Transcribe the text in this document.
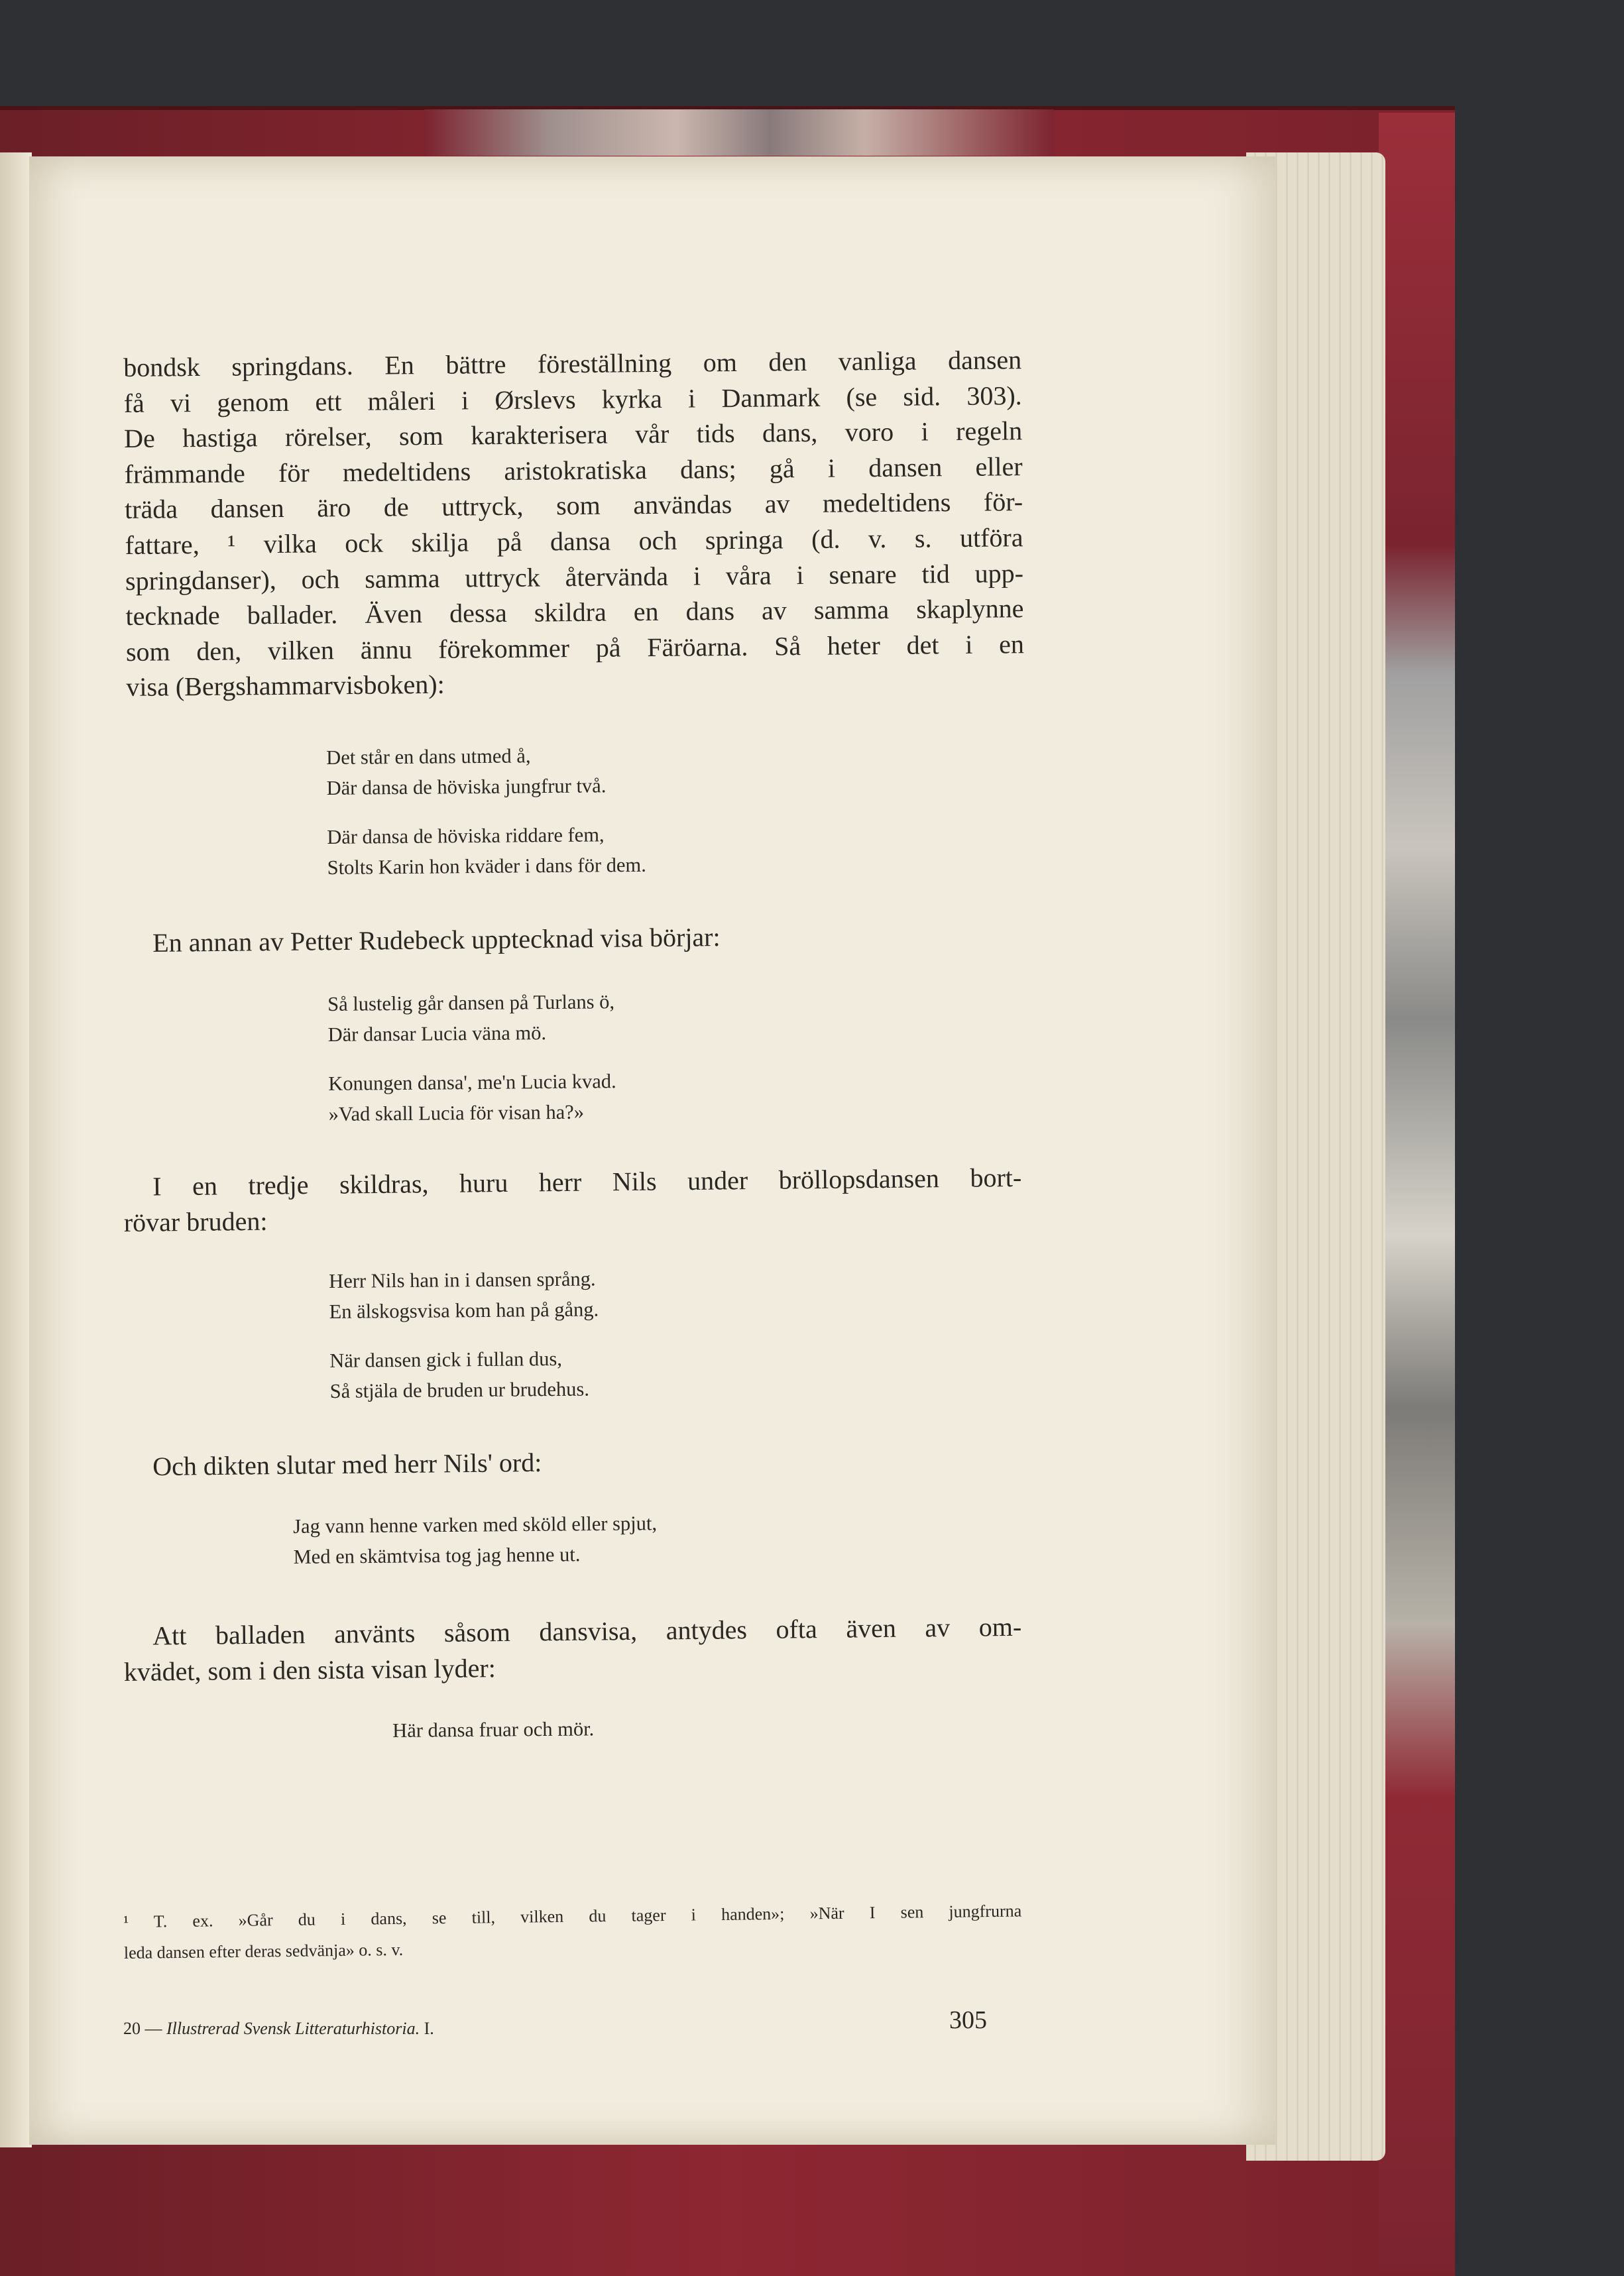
bondsk springdans. En bättre föreställning om den vanliga dansen
få vi genom ett måleri i Ørslevs kyrka i Danmark (se sid. 303).
De hastiga rörelser, som karakterisera vår tids dans, voro i regeln
främmande för medeltidens aristokratiska dans; gå i dansen eller
träda dansen äro de uttryck, som användas av medeltidens för-
fattare, ¹ vilka ock skilja på dansa och springa (d. v. s. utföra
springdanser), och samma uttryck återvända i våra i senare tid upp-
tecknade ballader. Även dessa skildra en dans av samma skaplynne
som den, vilken ännu förekommer på Färöarna. Så heter det i en
visa (Bergshammarvisboken):
Det står en dans utmed å,
Där dansa de höviska jungfrur två.
Där dansa de höviska riddare fem,
Stolts Karin hon kväder i dans för dem.
En annan av Petter Rudebeck upptecknad visa börjar:
Så lustelig går dansen på Turlans ö,
Där dansar Lucia väna mö.
Konungen dansa', me'n Lucia kvad.
»Vad skall Lucia för visan ha?»
I en tredje skildras, huru herr Nils under bröllopsdansen bort-
rövar bruden:
Herr Nils han in i dansen språng.
En älskogsvisa kom han på gång.
När dansen gick i fullan dus,
Så stjäla de bruden ur brudehus.
Och dikten slutar med herr Nils' ord:
Jag vann henne varken med sköld eller spjut,
Med en skämtvisa tog jag henne ut.
Att balladen använts såsom dansvisa, antydes ofta även av om-
kvädet, som i den sista visan lyder:
Här dansa fruar och mör.
¹ T. ex. »Går du i dans, se till, vilken du tager i handen»; »När I sen jungfrurna
leda dansen efter deras sedvänja» o. s. v.
20 — Illustrerad Svensk Litteraturhistoria. I.	305
